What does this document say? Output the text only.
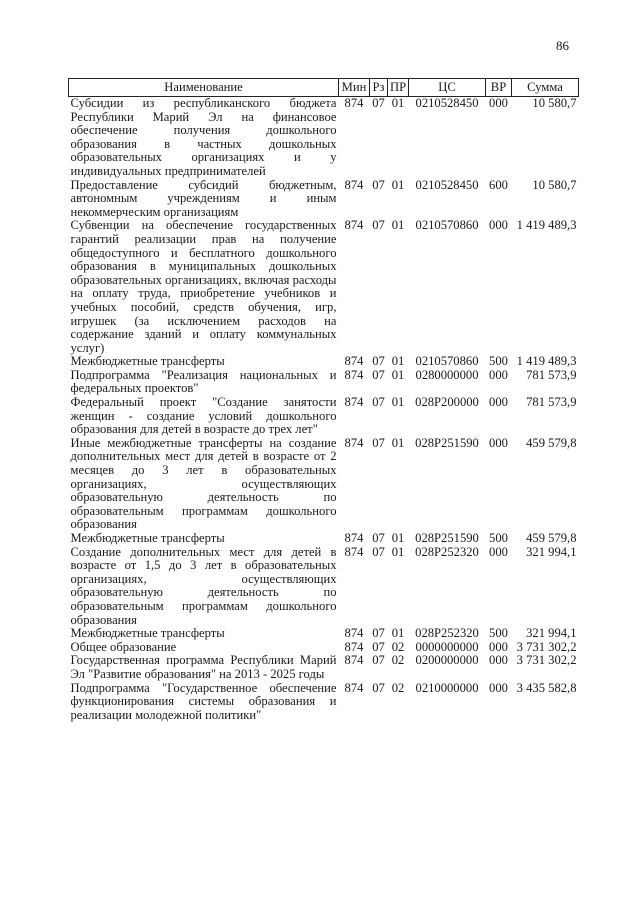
86
Наименование	Мин	Рз	ПР	ЦС	ВР	Сумма
Субсидии из республиканского бюджета Республики Марий Эл на финансовое обеспечение получения дошкольного образования в частных дошкольных образовательных организациях и у индивидуальных предпринимателей	874	07	01	0210528450	000	10 580,7
Предоставление субсидий бюджетным, автономным учреждениям и иным некоммерческим организациям	874	07	01	0210528450	600	10 580,7
Субвенции на обеспечение государственных гарантий реализации прав на получение общедоступного и бесплатного дошкольного образования в муниципальных дошкольных образовательных организациях, включая расходы на оплату труда, приобретение учебников и учебных пособий, средств обучения, игр, игрушек (за исключением расходов на содержание зданий и оплату коммунальных услуг)	874	07	01	0210570860	000	1 419 489,3
Межбюджетные трансферты	874	07	01	0210570860	500	1 419 489,3
Подпрограмма "Реализация национальных и федеральных проектов"	874	07	01	0280000000	000	781 573,9
Федеральный проект "Создание занятости женщин - создание условий дошкольного образования для детей в возрасте до трех лет"	874	07	01	028P200000	000	781 573,9
Иные межбюджетные трансферты на создание дополнительных мест для детей в возрасте от 2 месяцев до 3 лет в образовательных организациях, осуществляющих образовательную деятельность по образовательным программам дошкольного образования	874	07	01	028P251590	000	459 579,8
Межбюджетные трансферты	874	07	01	028P251590	500	459 579,8
Создание дополнительных мест для детей в возрасте от 1,5 до 3 лет в образовательных организациях, осуществляющих образовательную деятельность по образовательным программам дошкольного образования	874	07	01	028P252320	000	321 994,1
Межбюджетные трансферты	874	07	01	028P252320	500	321 994,1
Общее образование	874	07	02	0000000000	000	3 731 302,2
Государственная программа Республики Марий Эл "Развитие образования" на 2013 - 2025 годы	874	07	02	0200000000	000	3 731 302,2
Подпрограмма "Государственное обеспечение функционирования системы образования и реализации молодежной политики"	874	07	02	0210000000	000	3 435 582,8
